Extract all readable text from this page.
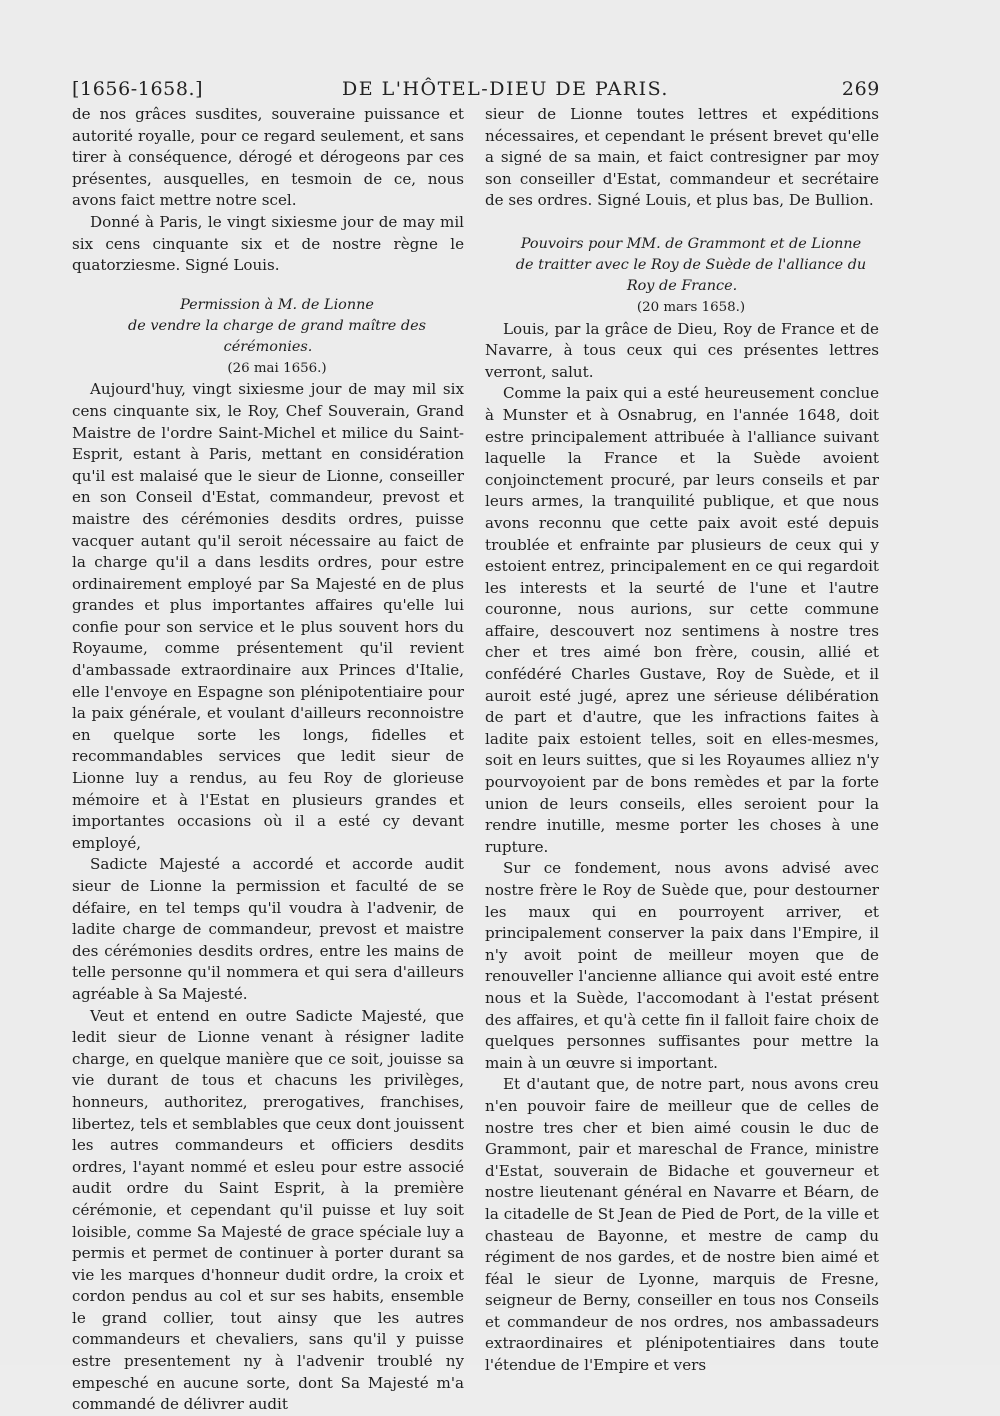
[1656-1658.]	DE L'HÔTEL-DIEU DE PARIS.	269

de nos grâces susdites, souveraine puissance et autorité royalle, pour ce regard seulement, et sans tirer à conséquence, dérogé et dérogeons par ces présentes, ausquelles, en tesmoin de ce, nous avons faict mettre notre scel.

Donné à Paris, le vingt sixiesme jour de may mil six cens cinquante six et de nostre règne le quatorziesme. Signé Louis.

Permission à M. de Lionne

de vendre la charge de grand maître des cérémonies.

(26 mai 1656.)

Aujourd'huy, vingt sixiesme jour de may mil six cens cinquante six, le Roy, Chef Souverain, Grand Maistre de l'ordre Saint-Michel et milice du Saint-Esprit, estant à Paris, mettant en considération qu'il est malaisé que le sieur de Lionne, conseiller en son Conseil d'Estat, commandeur, prevost et maistre des cérémonies desdits ordres, puisse vacquer autant qu'il seroit nécessaire au faict de la charge qu'il a dans lesdits ordres, pour estre ordinairement employé par Sa Majesté en de plus grandes et plus importantes affaires qu'elle lui confie pour son service et le plus souvent hors du Royaume, comme présentement qu'il revient d'ambassade extraordinaire aux Princes d'Italie, elle l'envoye en Espagne son plénipotentiaire pour la paix générale, et voulant d'ailleurs reconnoistre en quelque sorte les longs, fidelles et recommandables services que ledit sieur de Lionne luy a rendus, au feu Roy de glorieuse mémoire et à l'Estat en plusieurs grandes et importantes occasions où il a esté cy devant employé,

Sadicte Majesté a accordé et accorde audit sieur de Lionne la permission et faculté de se défaire, en tel temps qu'il voudra à l'advenir, de ladite charge de commandeur, prevost et maistre des cérémonies desdits ordres, entre les mains de telle personne qu'il nommera et qui sera d'ailleurs agréable à Sa Majesté.

Veut et entend en outre Sadicte Majesté, que ledit sieur de Lionne venant à résigner ladite charge, en quelque manière que ce soit, jouisse sa vie durant de tous et chacuns les privilèges, honneurs, authoritez, prerogatives, franchises, libertez, tels et semblables que ceux dont jouissent les autres commandeurs et officiers desdits ordres, l'ayant nommé et esleu pour estre associé audit ordre du Saint Esprit, à la première cérémonie, et cependant qu'il puisse et luy soit loisible, comme Sa Majesté de grace spéciale luy a permis et permet de continuer à porter durant sa vie les marques d'honneur dudit ordre, la croix et cordon pendus au col et sur ses habits, ensemble le grand collier, tout ainsy que les autres commandeurs et chevaliers, sans qu'il y puisse estre presentement ny à l'advenir troublé ny empesché en aucune sorte, dont Sa Majesté m'a commandé de délivrer audit

sieur de Lionne toutes lettres et expéditions nécessaires, et cependant le présent brevet qu'elle a signé de sa main, et faict contresigner par moy son conseiller d'Estat, commandeur et secrétaire de ses ordres. Signé Louis, et plus bas, De Bullion.

Pouvoirs pour MM. de Grammont et de Lionne

de traitter avec le Roy de Suède de l'alliance du Roy de France.

(20 mars 1658.)

Louis, par la grâce de Dieu, Roy de France et de Navarre, à tous ceux qui ces présentes lettres verront, salut.

Comme la paix qui a esté heureusement conclue à Munster et à Osnabrug, en l'année 1648, doit estre principalement attribuée à l'alliance suivant laquelle la France et la Suède avoient conjoinctement procuré, par leurs conseils et par leurs armes, la tranquilité publique, et que nous avons reconnu que cette paix avoit esté depuis troublée et enfrainte par plusieurs de ceux qui y estoient entrez, principalement en ce qui regardoit les interests et la seurté de l'une et l'autre couronne, nous aurions, sur cette commune affaire, descouvert noz sentimens à nostre tres cher et tres aimé bon frère, cousin, allié et confédéré Charles Gustave, Roy de Suède, et il auroit esté jugé, aprez une sérieuse délibération de part et d'autre, que les infractions faites à ladite paix estoient telles, soit en elles-mesmes, soit en leurs suittes, que si les Royaumes alliez n'y pourvoyoient par de bons remèdes et par la forte union de leurs conseils, elles seroient pour la rendre inutille, mesme porter les choses à une rupture.

Sur ce fondement, nous avons advisé avec nostre frère le Roy de Suède que, pour destourner les maux qui en pourroyent arriver, et principalement conserver la paix dans l'Empire, il n'y avoit point de meilleur moyen que de renouveller l'ancienne alliance qui avoit esté entre nous et la Suède, l'accomodant à l'estat présent des affaires, et qu'à cette fin il falloit faire choix de quelques personnes suffisantes pour mettre la main à un œuvre si important.

Et d'autant que, de notre part, nous avons creu n'en pouvoir faire de meilleur que de celles de nostre tres cher et bien aimé cousin le duc de Grammont, pair et mareschal de France, ministre d'Estat, souverain de Bidache et gouverneur et nostre lieutenant général en Navarre et Béarn, de la citadelle de St Jean de Pied de Port, de la ville et chasteau de Bayonne, et mestre de camp du régiment de nos gardes, et de nostre bien aimé et féal le sieur de Lyonne, marquis de Fresne, seigneur de Berny, conseiller en tous nos Conseils et commandeur de nos ordres, nos ambassadeurs extraordinaires et plénipotentiaires dans toute l'étendue de l'Empire et vers
